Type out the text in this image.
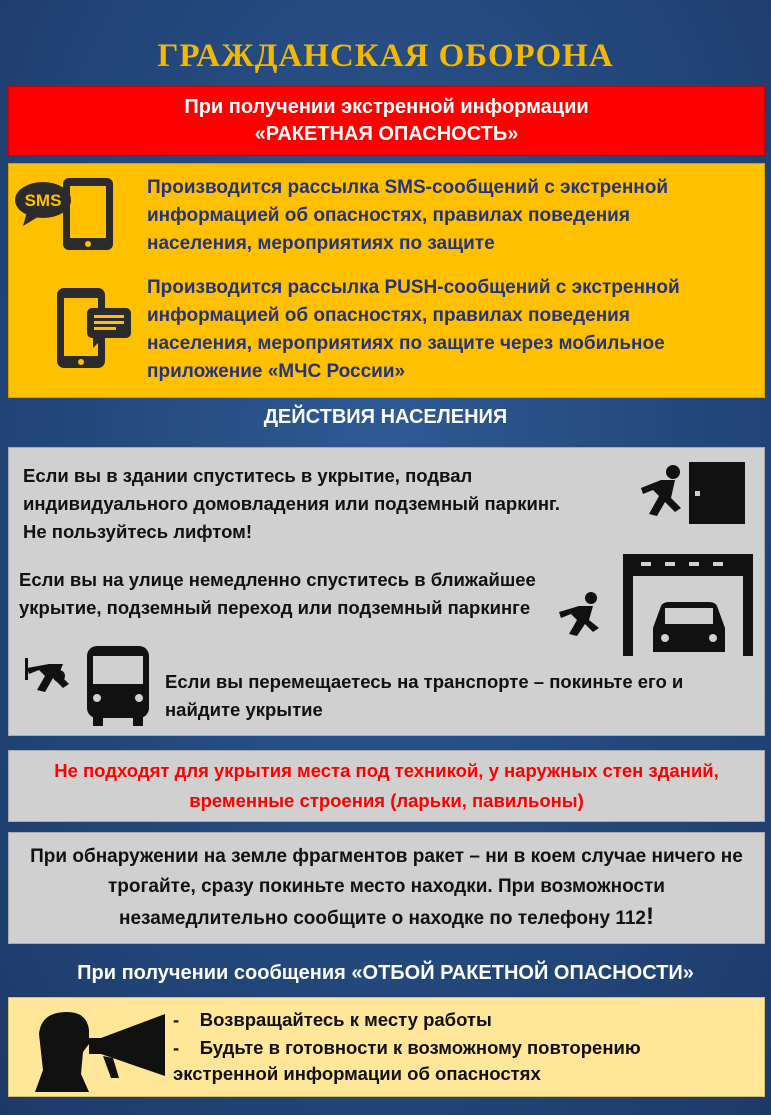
ГРАЖДАНСКАЯ ОБОРОНА
При получении экстренной информации
«РАКЕТНАЯ ОПАСНОСТЬ»
SMS
Производится рассылка SMS-сообщений с экстренной информацией об опасностях, правилах поведения населения, мероприятиях по защите
Производится рассылка PUSH-сообщений с экстренной информацией об опасностях, правилах поведения населения, мероприятиях по защите через мобильное приложение «МЧС России»
ДЕЙСТВИЯ НАСЕЛЕНИЯ
Если вы в здании спуститесь в укрытие, подвал индивидуального домовладения или подземный паркинг. Не пользуйтесь лифтом!
Если вы на улице немедленно спуститесь в ближайшее укрытие, подземный переход или подземный паркинге
Если вы перемещаетесь на транспорте – покиньте его и найдите укрытие
Не подходят для укрытия места под техникой, у наружных стен зданий, временные строения (ларьки, павильоны)
При обнаружении на земле фрагментов ракет – ни в коем случае ничего не трогайте, сразу покиньте место находки. При возможности незамедлительно сообщите о находке по телефону 112!
При получении сообщения «ОТБОЙ РАКЕТНОЙ ОПАСНОСТИ»
-    Возвращайтесь к месту работы
-    Будьте в готовности к возможному повторению
экстренной информации об опасностях
